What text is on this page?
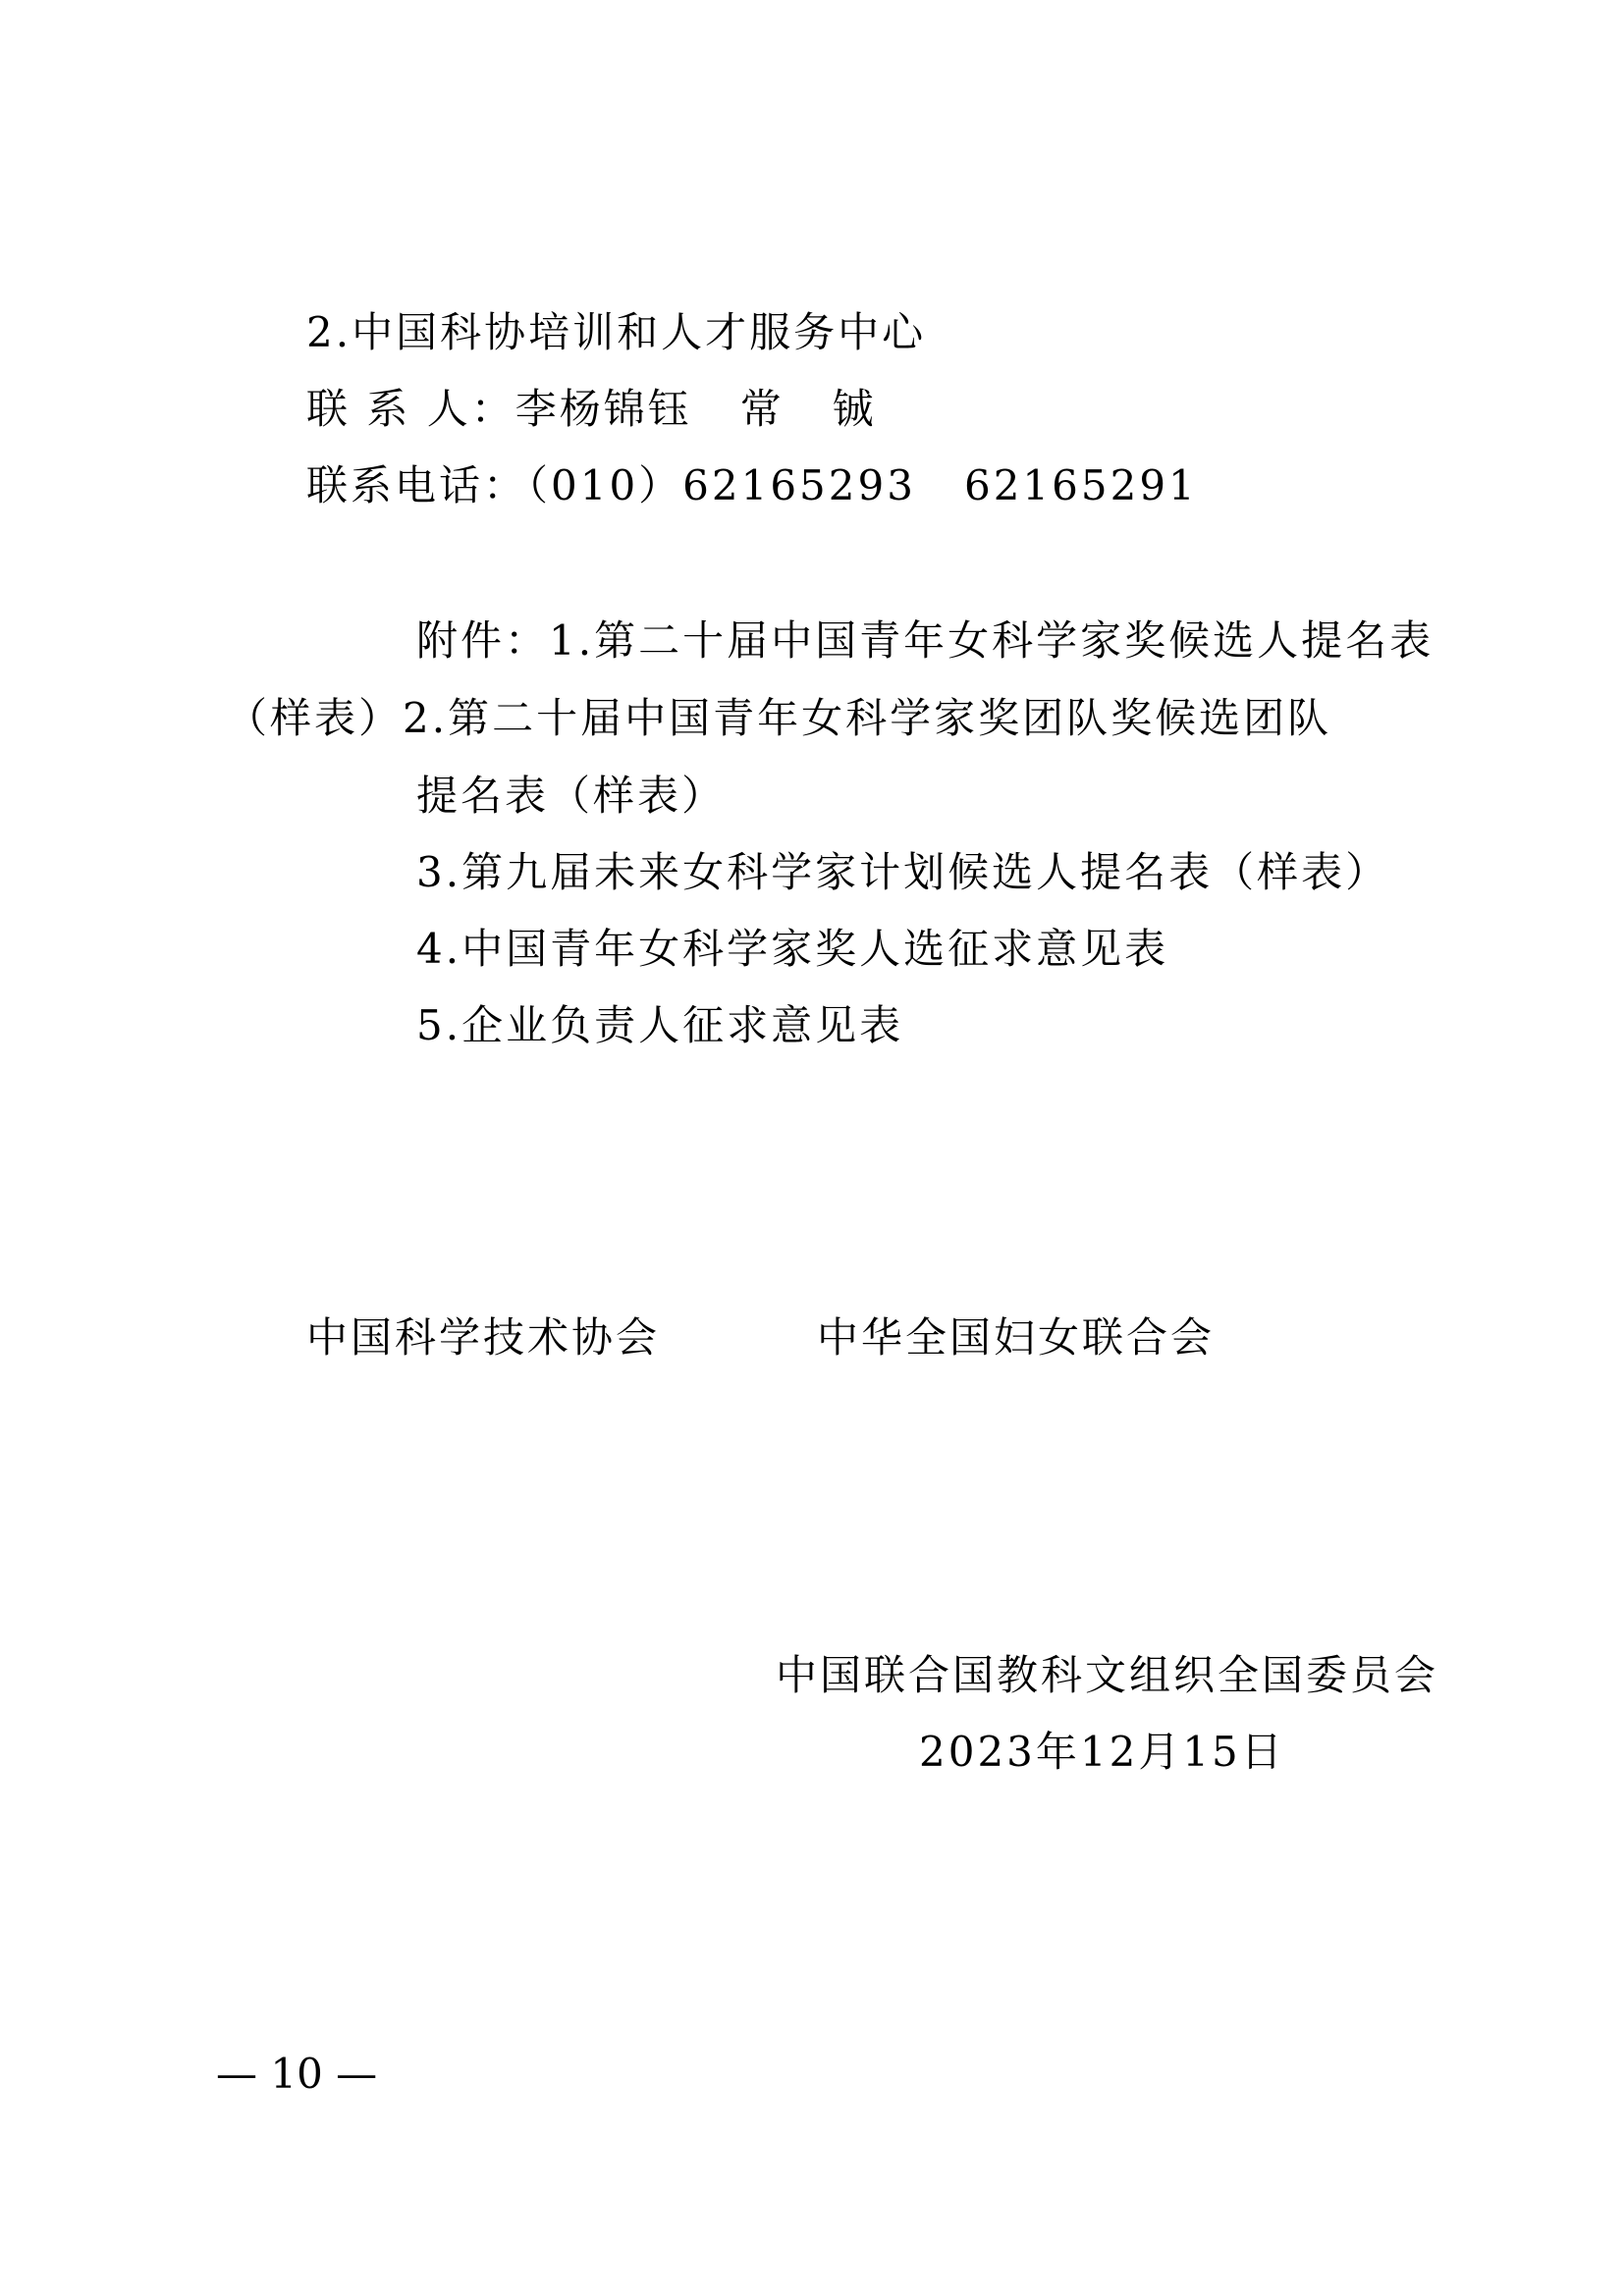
2.中国科协培训和人才服务中心
联 系 人：李杨锦钰   常   铖
联系电话：（010）62165293   62165291
附件：1.第二十届中国青年女科学家奖候选人提名表
（样表）2.第二十届中国青年女科学家奖团队奖候选团队
提名表（样表）
3.第九届未来女科学家计划候选人提名表（样表）
4.中国青年女科学家奖人选征求意见表
5.企业负责人征求意见表
中国科学技术协会	中华全国妇女联合会
中国联合国教科文组织全国委员会
2023年12月15日
— 10 —
